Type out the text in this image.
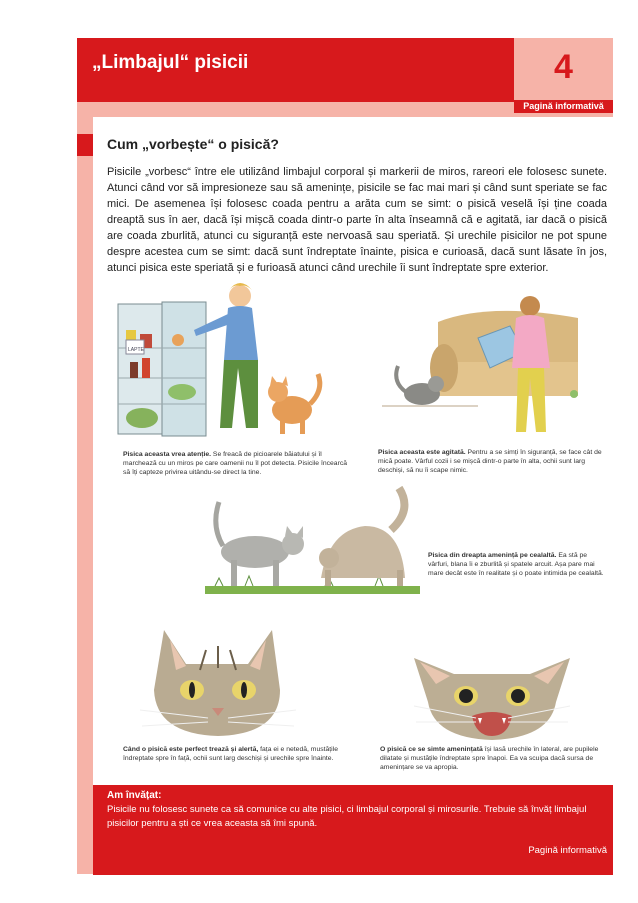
„Limbajul“ pisicii	4
Pagină informativă
Cum „vorbește“ o pisică?
Pisicile „vorbesc“ între ele utilizând limbajul corporal și markerii de miros, rareori ele folosesc sunete. Atunci când vor să impresioneze sau să amenințe, pisicile se fac mai mari și când sunt speriate se fac mici. De asemenea își folosesc coada pentru a arăta cum se simt: o pisică veselă își ține coada dreaptă sus în aer, dacă își mișcă coada dintr-o parte în alta înseamnă că e agitată, iar dacă o pisică are coada zburlită, atunci cu siguranță este nervoasă sau speriată. Și urechile pisicilor ne pot spune despre acestea cum se simt: dacă sunt îndreptate înainte, pisica e curioasă, dacă sunt lăsate în jos, atunci pisica este speriată și e furioasă atunci când urechile îi sunt îndreptate spre exterior.
LAPTE
Pisica aceasta vrea atenție. Se freacă de picioarele băiatului și îl marchează cu un miros pe care oamenii nu îl pot detecta. Pisicile încearcă să îți capteze privirea uitându-se direct la tine.
Pisica aceasta este agitată. Pentru a se simți în siguranță, se face cât de mică poate. Vârful cozii i se mișcă dintr-o parte în alta, ochii sunt larg deschiși, să nu îi scape nimic.
Pisica din dreapta amenință pe cealaltă. Ea stă pe vârfuri, blana îi e zburlită și spatele arcuit. Așa pare mai mare decât este în realitate și o poate intimida pe cealaltă.
Când o pisică este perfect trează și alertă, fața ei e netedă, mustățile îndreptate spre în față, ochii sunt larg deschiși și urechile spre înainte.
O pisică ce se simte amenințată își lasă urechile în lateral, are pupilele dilatate și mustățile îndreptate spre înapoi. Ea va scuipa dacă sursa de amenințare se va apropia.
Am învățat:
Pisicile nu folosesc sunete ca să comunice cu alte pisici, ci limbajul corporal și mirosurile. Trebuie să învăț limbajul pisicilor pentru a ști ce vrea aceasta să îmi spună.
Pagină informativă
